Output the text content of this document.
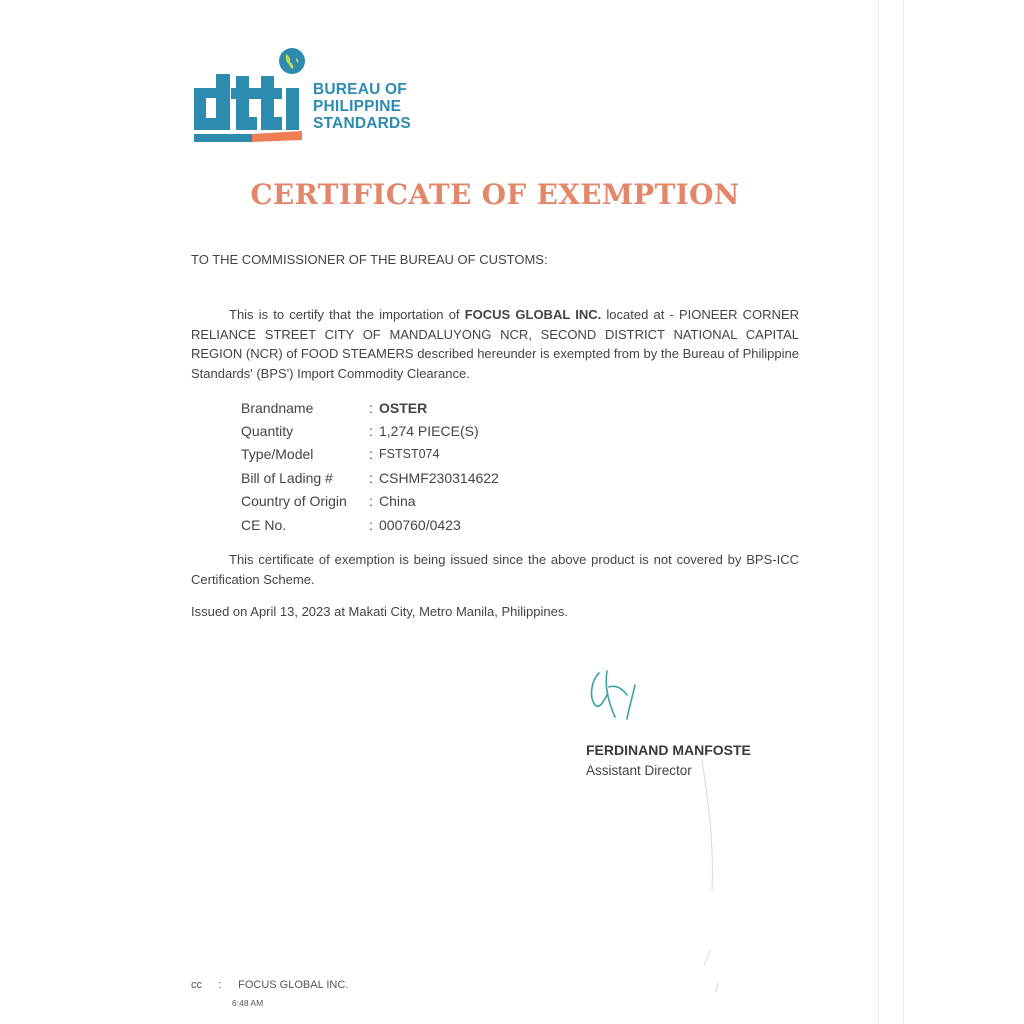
BUREAU OF
PHILIPPINE
STANDARDS
CERTIFICATE OF EXEMPTION
TO THE COMMISSIONER OF THE BUREAU OF CUSTOMS:
This is to certify that the importation of FOCUS GLOBAL INC. located at - PIONEER CORNER RELIANCE STREET CITY OF MANDALUYONG NCR, SECOND DISTRICT NATIONAL CAPITAL REGION (NCR) of FOOD STEAMERS described hereunder is exempted from by the Bureau of Philippine Standards' (BPS') Import Commodity Clearance.
Brandname	: OSTER
Quantity	: 1,274 PIECE(S)
Type/Model	: FSTST074
Bill of Lading #	: CSHMF230314622
Country of Origin	: China
CE No.	: 000760/0423
This certificate of exemption is being issued since the above product is not covered by BPS-ICC Certification Scheme.
Issued on April 13, 2023 at Makati City, Metro Manila, Philippines.
FERDINAND MANFOSTE
Assistant Director
cc : FOCUS GLOBAL INC.
6:48 AM
